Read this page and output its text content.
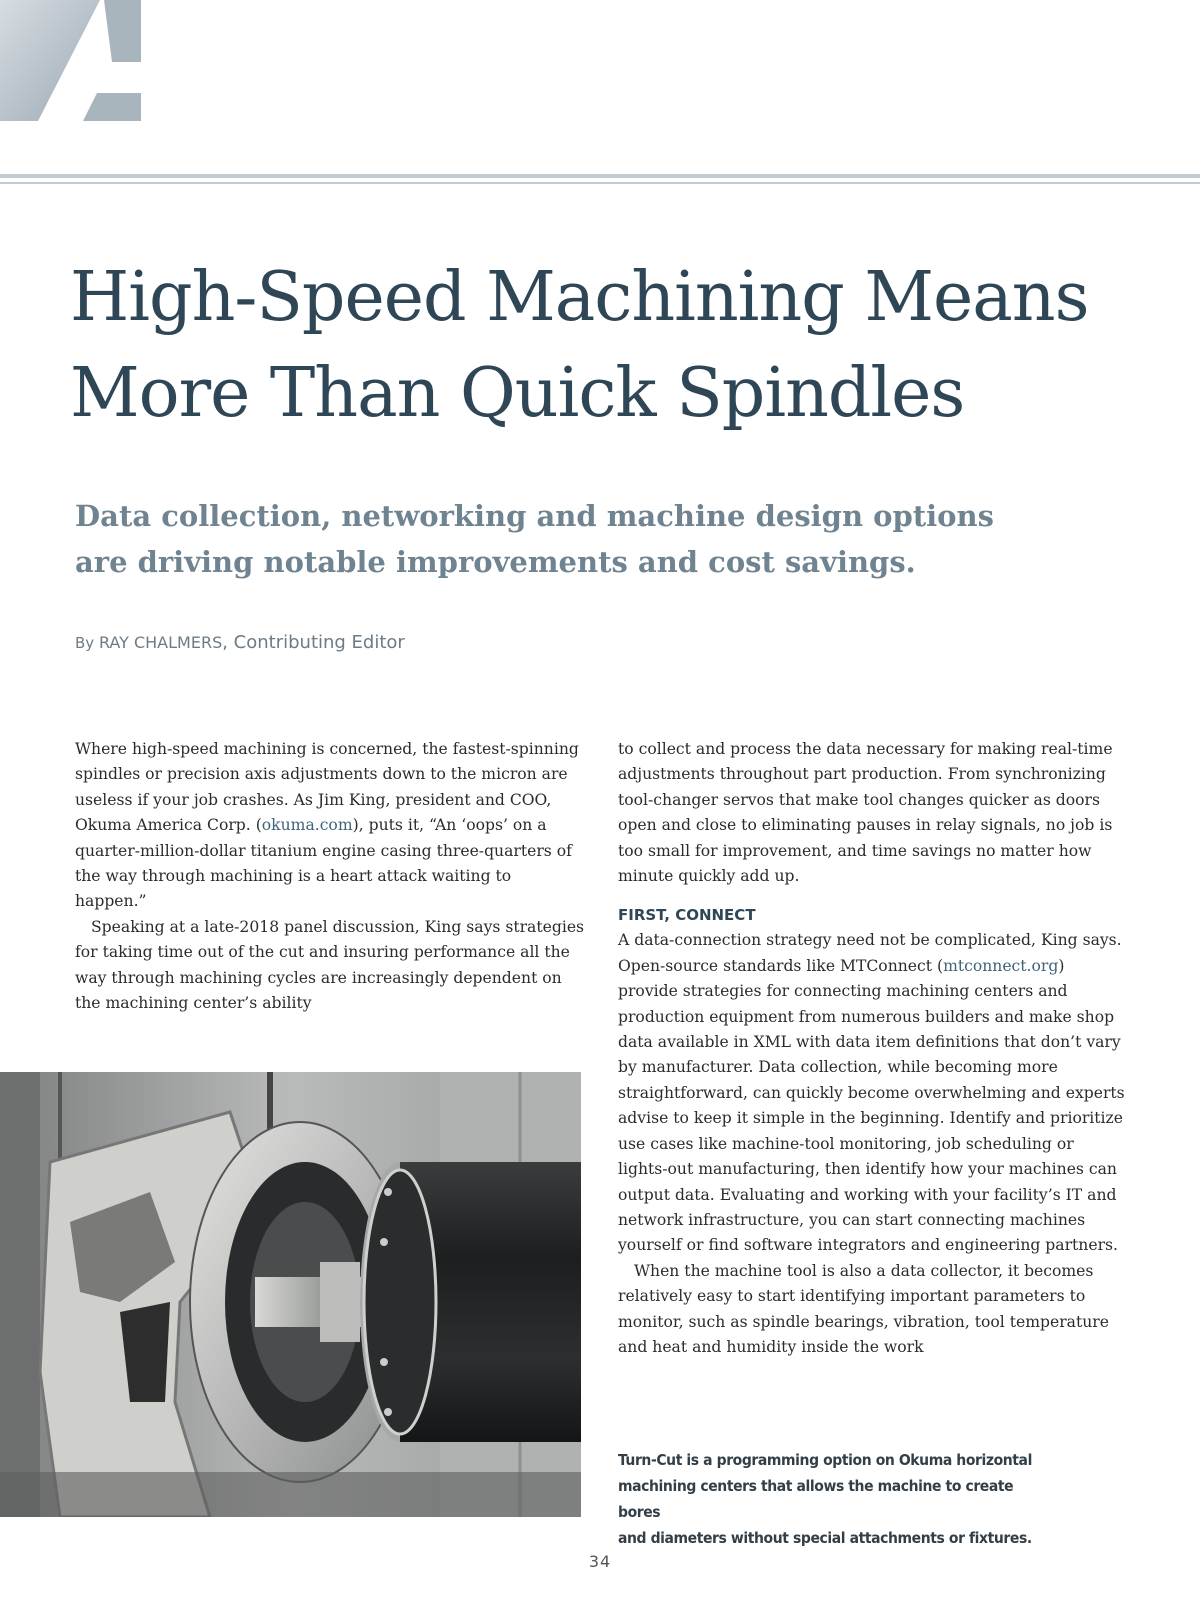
High-Speed Machining Means
More Than Quick Spindles
Data collection, networking and machine design options
are driving notable improvements and cost savings.
By RAY CHALMERS, Contributing Editor

Where high-speed machining is concerned, the fastest-spinning spindles or precision axis adjustments down to the micron are useless if your job crashes. As Jim King, president and COO, Okuma America Corp. (okuma.com), puts it, “An ‘oops’ on a quarter-million-dollar titanium engine casing three-quarters of the way through machining is a heart attack waiting to happen.”

Speaking at a late-2018 panel discussion, King says strategies for taking time out of the cut and insuring performance all the way through machining cycles are increasingly dependent on the machining center’s ability

to collect and process the data necessary for making real-time adjustments throughout part production. From synchronizing tool-changer servos that make tool changes quicker as doors open and close to eliminating pauses in relay signals, no job is too small for improvement, and time savings no matter how minute quickly add up.

FIRST, CONNECT

A data-connection strategy need not be complicated, King says. Open-source standards like MTConnect (mtconnect.org) provide strategies for connecting machining centers and production equipment from numerous builders and make shop data available in XML with data item definitions that don’t vary by manufacturer. Data collection, while becoming more straightforward, can quickly become overwhelming and experts advise to keep it simple in the beginning. Identify and prioritize use cases like machine-tool monitoring, job scheduling or lights-out manufacturing, then identify how your machines can output data. Evaluating and working with your facility’s IT and network infrastructure, you can start connecting machines yourself or find software integrators and engineering partners.

When the machine tool is also a data collector, it becomes relatively easy to start identifying important parameters to monitor, such as spindle bearings, vibration, tool temperature and heat and humidity inside the work

Turn-Cut is a programming option on Okuma horizontal
machining centers that allows the machine to create bores
and diameters without special attachments or fixtures.
34
